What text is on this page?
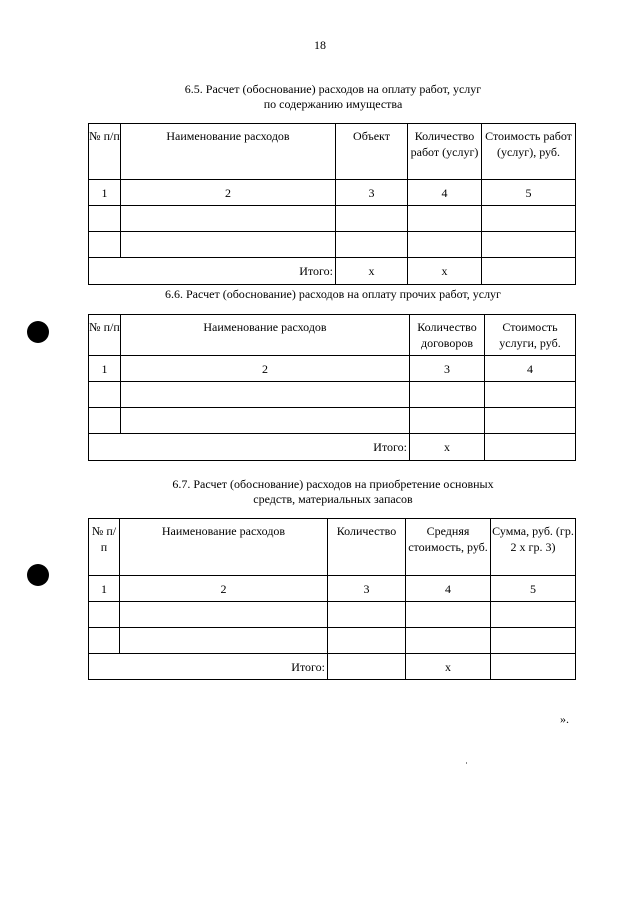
18
6.5. Расчет (обоснование) расходов на оплату работ, услуг
по содержанию имущества
№ п/п	Наименование расходов	Объект	Количество работ (услуг)	Стоимость работ (услуг), руб.
1	2	3	4	5

Итого:		x	x	
6.6. Расчет (обоснование) расходов на оплату прочих работ, услуг
№ п/п	Наименование расходов	Количество договоров	Стоимость услуги, руб.
1	2	3	4

Итого:		x	
6.7. Расчет (обоснование) расходов на приобретение основных
средств, материальных запасов
№ п/п	Наименование расходов	Количество	Средняя стоимость, руб.	Сумма, руб. (гр. 2 х гр. 3)
1	2	3	4	5

Итого:			x	
».
